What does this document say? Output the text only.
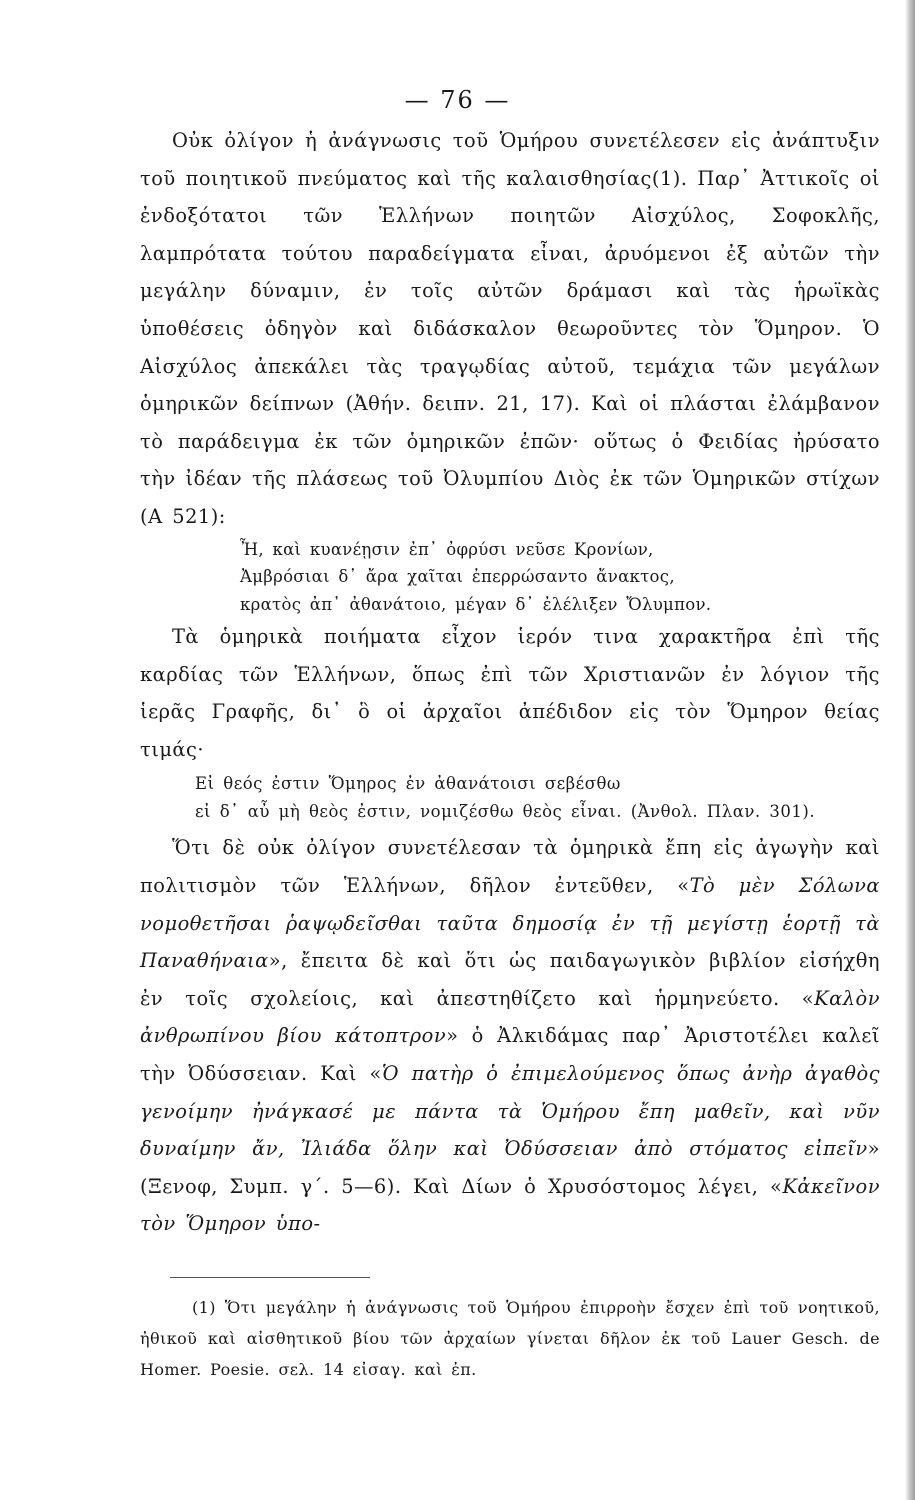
— 76 —

Οὐκ ὀλίγον ἡ ἀνάγνωσις τοῦ Ὁμήρου συνετέλεσεν εἰς ἀνάπτυξιν τοῦ ποιητικοῦ πνεύματος καὶ τῆς καλαισθησίας(1). Παρ᾽ Ἀττικοῖς οἱ ἐνδοξότατοι τῶν Ἑλλήνων ποιητῶν Αἰσχύλος, Σοφοκλῆς, λαμπρότατα τούτου παραδείγματα εἶναι, ἀρυόμενοι ἐξ αὐτῶν τὴν μεγάλην δύναμιν, ἐν τοῖς αὐτῶν δράμασι καὶ τὰς ἡρωϊκὰς ὑποθέσεις ὁδηγὸν καὶ διδάσκαλον θεωροῦντες τὸν Ὅμηρον. Ὁ Αἰσχύλος ἀπεκάλει τὰς τραγῳδίας αὐτοῦ, τεμάχια τῶν μεγάλων ὁμηρικῶν δείπνων (Ἀθήν. δειπν. 21, 17). Καὶ οἱ πλάσται ἐλάμβανον τὸ παράδειγμα ἐκ τῶν ὁμηρικῶν ἐπῶν· οὕτως ὁ Φειδίας ἠρύσατο τὴν ἰδέαν τῆς πλάσεως τοῦ Ὀλυμπίου Διὸς ἐκ τῶν Ὁμηρικῶν στίχων (Α 521):

Ἦ, καὶ κυανέῃσιν ἐπ᾽ ὀφρύσι νεῦσε Κρονίων,
Ἀμβρόσιαι δ᾽ ἄρα χαῖται ἐπερρώσαντο ἄνακτος,
κρατὸς ἀπ᾽ ἀθανάτοιο, μέγαν δ᾽ ἐλέλιξεν Ὄλυμπον.

Τὰ ὁμηρικὰ ποιήματα εἶχον ἱερόν τινα χαρακτῆρα ἐπὶ τῆς καρδίας τῶν Ἑλλήνων, ὅπως ἐπὶ τῶν Χριστιανῶν ἐν λόγιον τῆς ἱερᾶς Γραφῆς, δι᾽ ὃ οἱ ἀρχαῖοι ἀπέδιδον εἰς τὸν Ὅμηρον θείας τιμάς·

Εἰ θεός ἐστιν Ὅμηρος ἐν ἀθανάτοισι σεβέσθω
εἰ δ᾽ αὖ μὴ θεὸς ἐστιν, νομιζέσθω θεὸς εἶναι. (Ἀνθολ. Πλαν. 301).

Ὅτι δὲ οὐκ ὀλίγον συνετέλεσαν τὰ ὁμηρικὰ ἔπη εἰς ἀγωγὴν καὶ πολιτισμὸν τῶν Ἑλλήνων, δῆλον ἐντεῦθεν, «Τὸ μὲν Σόλωνα νομοθετῆσαι ῥαψῳδεῖσθαι ταῦτα δημοσίᾳ ἐν τῇ μεγίστῃ ἑορτῇ τὰ Παναθήναια», ἔπειτα δὲ καὶ ὅτι ὡς παιδαγωγικὸν βιβλίον εἰσήχθη ἐν τοῖς σχολείοις, καὶ ἀπεστηθίζετο καὶ ἡρμηνεύετο. «Καλὸν ἀνθρωπίνου βίου κάτοπτρον» ὁ Ἀλκιδάμας παρ᾽ Ἀριστοτέλει καλεῖ τὴν Ὀδύσσειαν. Καὶ «Ὁ πατὴρ ὁ ἐπιμελούμενος ὅπως ἀνὴρ ἀγαθὸς γενοίμην ἠνάγκασέ με πάντα τὰ Ὁμήρου ἔπη μαθεῖν, καὶ νῦν δυναίμην ἄν, Ἰλιάδα ὅλην καὶ Ὀδύσσειαν ἀπὸ στόματος εἰπεῖν» (Ξενοφ, Συμπ. γ΄. 5—6). Καὶ Δίων ὁ Χρυσόστομος λέγει, «Κἀκεῖνον τὸν Ὅμηρον ὑπο-

(1) Ὅτι μεγάλην ἡ ἀνάγνωσις τοῦ Ὁμήρου ἐπιρροὴν ἔσχεν ἐπὶ τοῦ νοητικοῦ, ἠθικοῦ καὶ αἰσθητικοῦ βίου τῶν ἀρχαίων γίνεται δῆλον ἐκ τοῦ Lauer Gesch. de Homer. Poesie. σελ. 14 εἰσαγ. καὶ ἐπ.
